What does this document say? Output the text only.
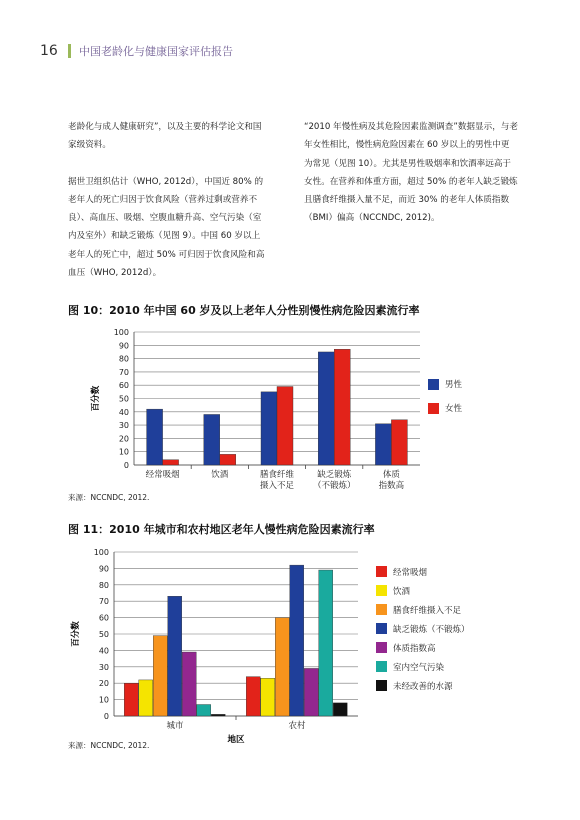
16	中国老龄化与健康国家评估报告

老龄化与成人健康研究”，以及主要的科学论文和国家级资料。

据世卫组织估计（WHO, 2012d），中国近 80% 的老年人的死亡归因于饮食风险（营养过剩或营养不良）、高血压、吸烟、空腹血糖升高、空气污染（室内及室外）和缺乏锻炼（见图 9）。中国 60 岁以上老年人的死亡中，超过 50% 可归因于饮食风险和高血压（WHO, 2012d）。

“2010 年慢性病及其危险因素监测调查”数据显示，与老年女性相比，慢性病危险因素在 60 岁以上的男性中更为常见（见图 10）。尤其是男性吸烟率和饮酒率远高于女性。在营养和体重方面，超过 50% 的老年人缺乏锻炼且膳食纤维摄入量不足，而近 30% 的老年人体质指数（BMI）偏高（NCCNDC, 2012)。

图 10：2010 年中国 60 岁及以上老年人分性别慢性病危险因素流行率
0
10
20
30
40
50
60
70
80
90
100
百分数
经常吸烟	饮酒	膳食纤维
摄入不足
缺乏锻炼
（不锻炼）
体质
指数高
男性
女性
来源：NCCNDC, 2012.
图 11：2010 年城市和农村地区老年人慢性病危险因素流行率
0
10
20
30
40
50
60
70
80
90
100
百分数
城市	农村
地区
经常吸烟
饮酒
膳食纤维摄入不足
缺乏锻炼（不锻炼）
体质指数高
室内空气污染
未经改善的水源
来源：NCCNDC, 2012.
